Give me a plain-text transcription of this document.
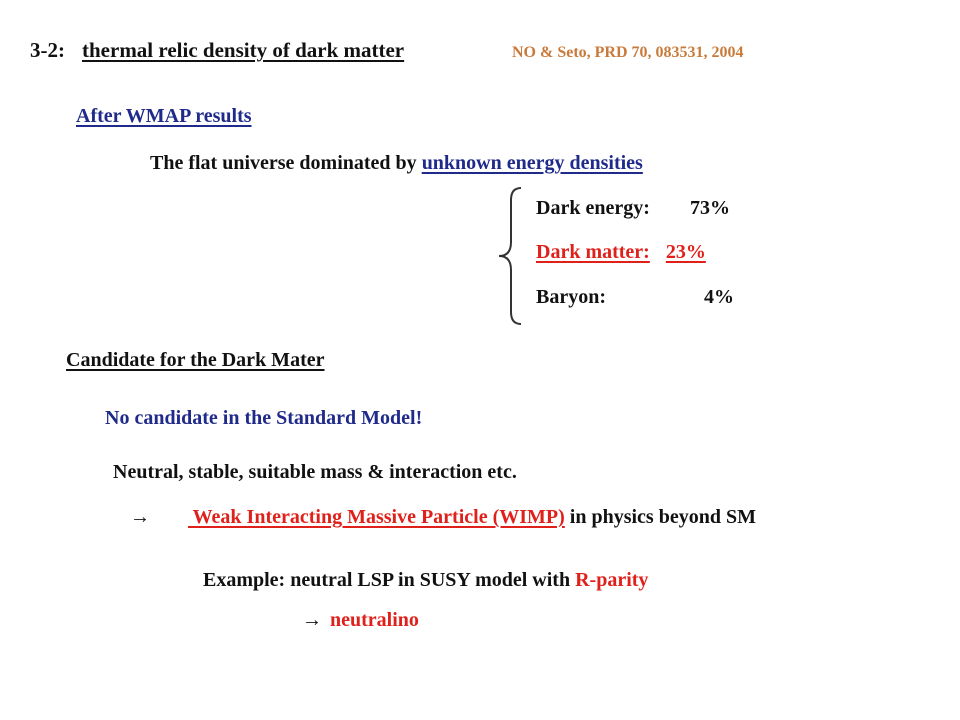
3-2: thermal relic density of dark matter	NO & Seto, PRD 70, 083531, 2004
After WMAP results
The flat universe dominated by unknown energy densities
Dark energy: 73%
Dark matter: 23%
Baryon:	4%
Candidate for the Dark Mater
No candidate in the Standard Model!
Neutral, stable, suitable mass & interaction etc.
→ Weak Interacting Massive Particle (WIMP) in physics beyond SM
Example: neutral LSP in SUSY model with R-parity
→ neutralino
